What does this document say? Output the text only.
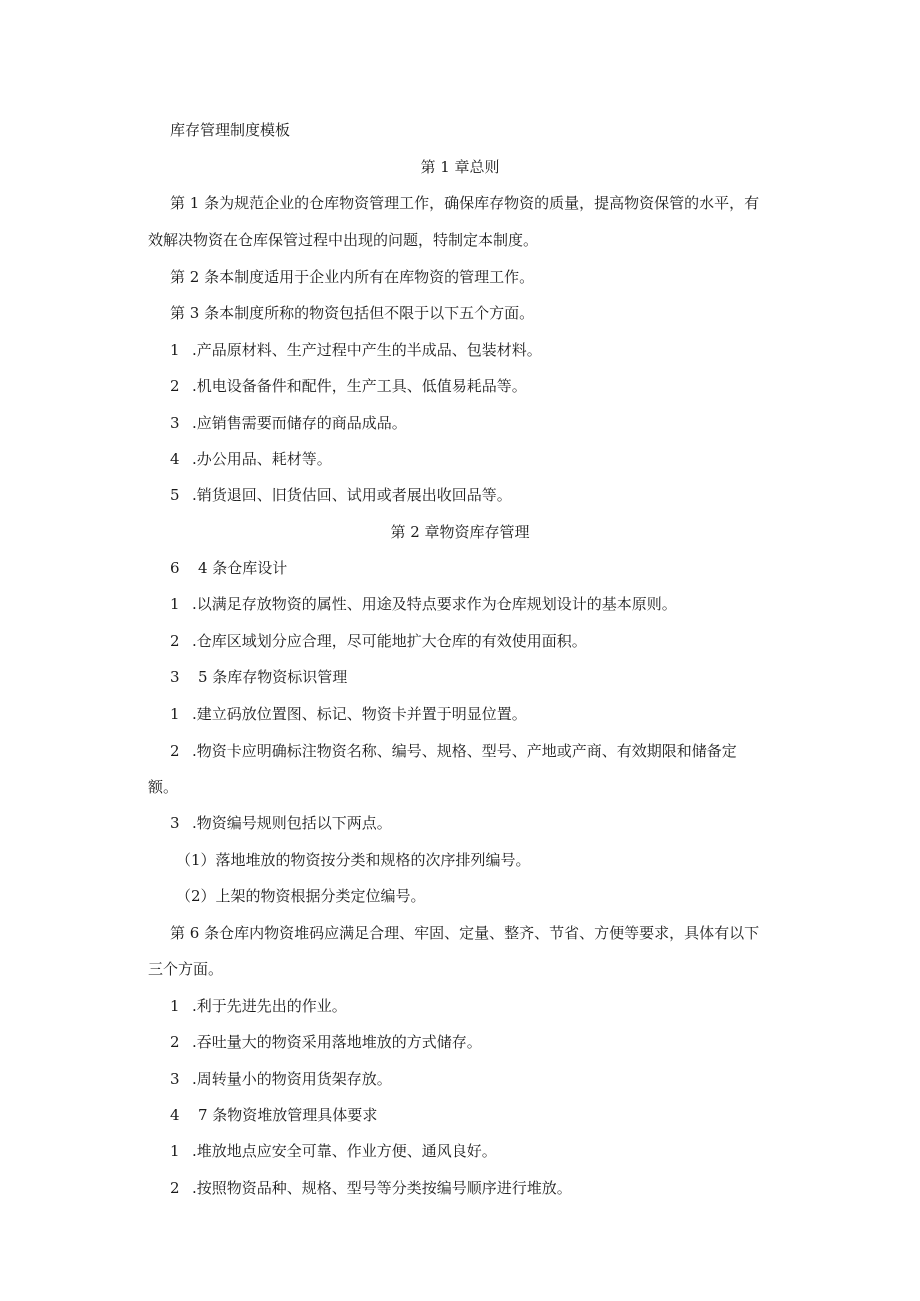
库存管理制度模板
第 1 章总则
第 1 条为规范企业的仓库物资管理工作，确保库存物资的质量，提高物资保管的水平，有
效解决物资在仓库保管过程中出现的问题，特制定本制度。
第 2 条本制度适用于企业内所有在库物资的管理工作。
第 3 条本制度所称的物资包括但不限于以下五个方面。
1 .产品原材料、生产过程中产生的半成品、包装材料。
2 .机电设备备件和配件，生产工具、低值易耗品等。
3 .应销售需要而储存的商品成品。
4 .办公用品、耗材等。
5 .销货退回、旧货估回、试用或者展出收回品等。
第 2 章物资库存管理
6 4 条仓库设计
1 .以满足存放物资的属性、用途及特点要求作为仓库规划设计的基本原则。
2 .仓库区域划分应合理，尽可能地扩大仓库的有效使用面积。
3 5 条库存物资标识管理
1 .建立码放位置图、标记、物资卡并置于明显位置。
2 .物资卡应明确标注物资名称、编号、规格、型号、产地或产商、有效期限和储备定
额。
3 .物资编号规则包括以下两点。
（1）落地堆放的物资按分类和规格的次序排列编号。
（2）上架的物资根据分类定位编号。
第 6 条仓库内物资堆码应满足合理、牢固、定量、整齐、节省、方便等要求，具体有以下
三个方面。
1 .利于先进先出的作业。
2 .吞吐量大的物资采用落地堆放的方式储存。
3 .周转量小的物资用货架存放。
4 7 条物资堆放管理具体要求
1 .堆放地点应安全可靠、作业方便、通风良好。
2 .按照物资品种、规格、型号等分类按编号顺序进行堆放。
